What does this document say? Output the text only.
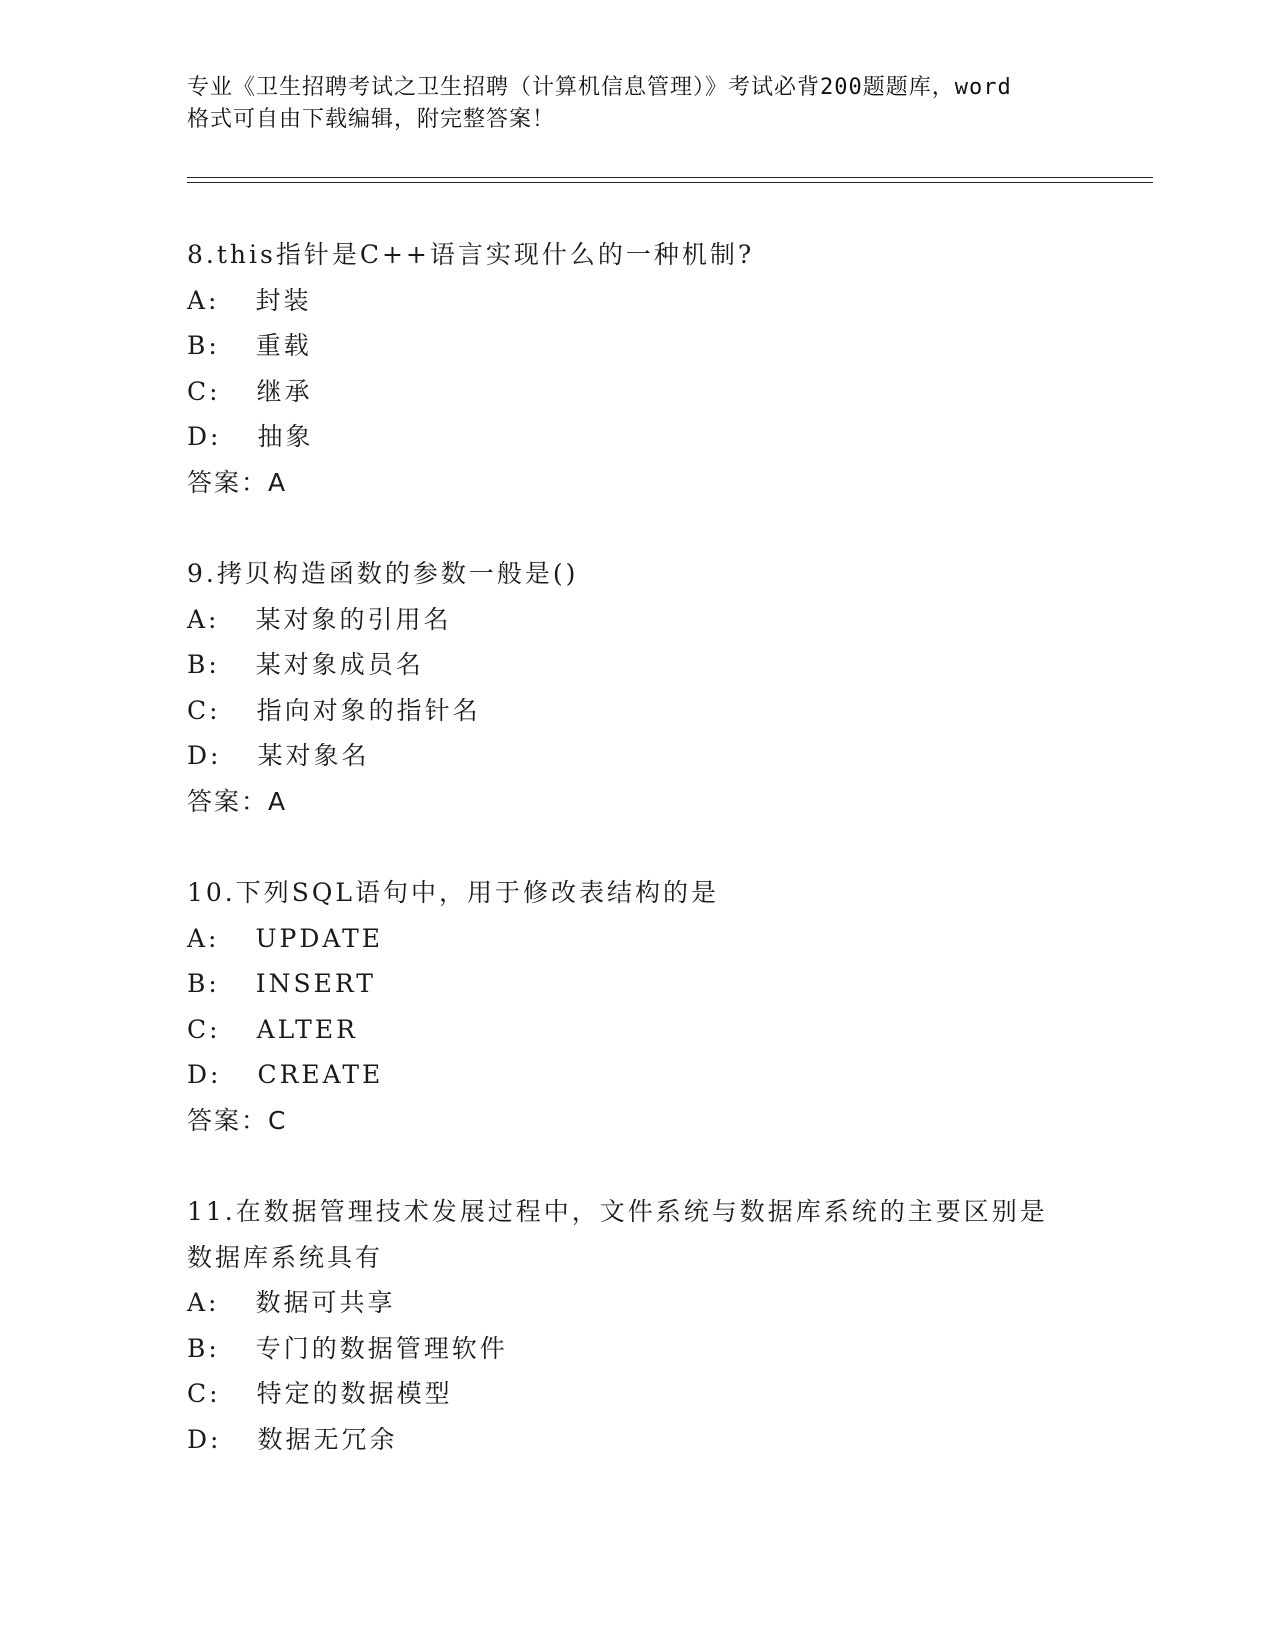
专业《卫生招聘考试之卫生招聘（计算机信息管理）》考试必背200题题库，word
格式可自由下载编辑，附完整答案！
8.this指针是C++语言实现什么的一种机制?
A: 封装
B: 重载
C: 继承
D: 抽象
答案：A
9.拷贝构造函数的参数一般是()
A: 某对象的引用名
B: 某对象成员名
C: 指向对象的指针名
D: 某对象名
答案：A
10.下列SQL语句中，用于修改表结构的是
A: UPDATE
B: INSERT
C: ALTER
D: CREATE
答案：C
11.在数据管理技术发展过程中，文件系统与数据库系统的主要区别是
数据库系统具有
A: 数据可共享
B: 专门的数据管理软件
C: 特定的数据模型
D: 数据无冗余
